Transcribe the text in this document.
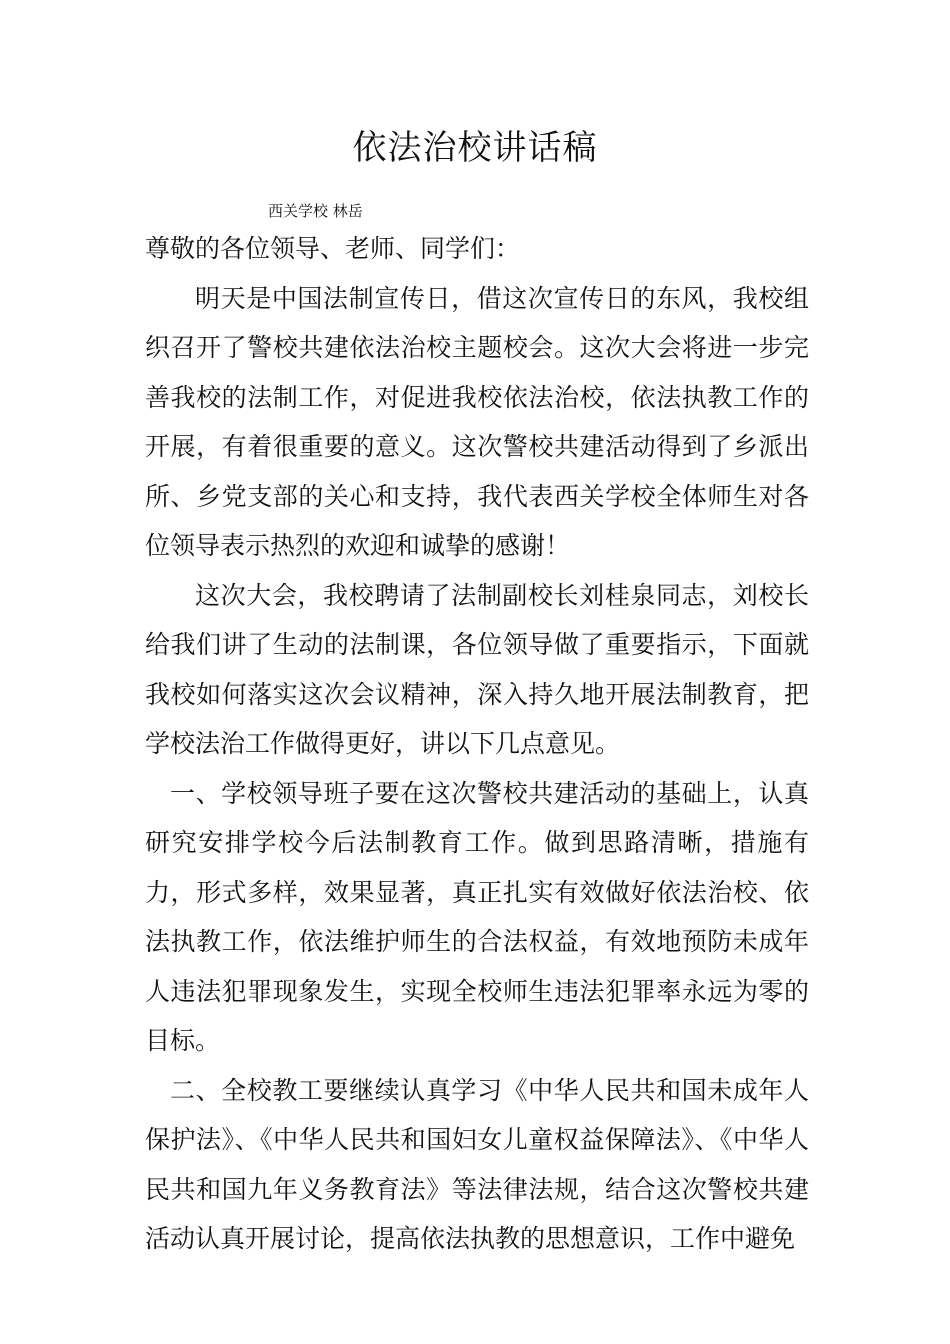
依法治校讲话稿
西关学校 林岳

尊敬的各位领导、老师、同学们：

明天是中国法制宣传日，借这次宣传日的东风，我校组织召开了警校共建依法治校主题校会。这次大会将进一步完善我校的法制工作，对促进我校依法治校，依法执教工作的开展，有着很重要的意义。这次警校共建活动得到了乡派出所、乡党支部的关心和支持，我代表西关学校全体师生对各位领导表示热烈的欢迎和诚挚的感谢！

这次大会，我校聘请了法制副校长刘桂泉同志，刘校长给我们讲了生动的法制课，各位领导做了重要指示，下面就我校如何落实这次会议精神，深入持久地开展法制教育，把学校法治工作做得更好，讲以下几点意见。

一、学校领导班子要在这次警校共建活动的基础上，认真研究安排学校今后法制教育工作。做到思路清晰，措施有力，形式多样，效果显著，真正扎实有效做好依法治校、依法执教工作，依法维护师生的合法权益，有效地预防未成年人违法犯罪现象发生，实现全校师生违法犯罪率永远为零的目标。

二、全校教工要继续认真学习《中华人民共和国未成年人保护法》、《中华人民共和国妇女儿童权益保障法》、《中华人民共和国九年义务教育法》等法律法规，结合这次警校共建活动认真开展讨论，提高依法执教的思想意识，工作中避免
